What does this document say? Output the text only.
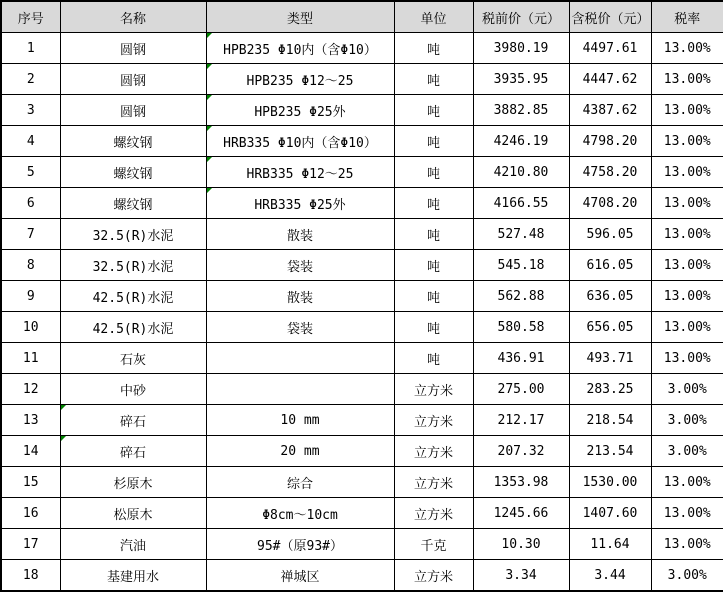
序号	名称	类型	单位	税前价（元）	含税价（元）	税率
1	圆钢	HPB235 Φ10内（含Φ10）	吨	3980.19	4497.61	13.00%
2	圆钢	HPB235 Φ12～25	吨	3935.95	4447.62	13.00%
3	圆钢	HPB235 Φ25外	吨	3882.85	4387.62	13.00%
4	螺纹钢	HRB335 Φ10内（含Φ10）	吨	4246.19	4798.20	13.00%
5	螺纹钢	HRB335 Φ12～25	吨	4210.80	4758.20	13.00%
6	螺纹钢	HRB335 Φ25外	吨	4166.55	4708.20	13.00%
7	32.5(R)水泥	散装	吨	527.48	596.05	13.00%
8	32.5(R)水泥	袋装	吨	545.18	616.05	13.00%
9	42.5(R)水泥	散装	吨	562.88	636.05	13.00%
10	42.5(R)水泥	袋装	吨	580.58	656.05	13.00%
11	石灰		吨	436.91	493.71	13.00%
12	中砂		立方米	275.00	283.25	3.00%
13	碎石	10 mm	立方米	212.17	218.54	3.00%
14	碎石	20 mm	立方米	207.32	213.54	3.00%
15	杉原木	综合	立方米	1353.98	1530.00	13.00%
16	松原木	Φ8cm～10cm	立方米	1245.66	1407.60	13.00%
17	汽油	95#（原93#）	千克	10.30	11.64	13.00%
18	基建用水	禅城区	立方米	3.34	3.44	3.00%
